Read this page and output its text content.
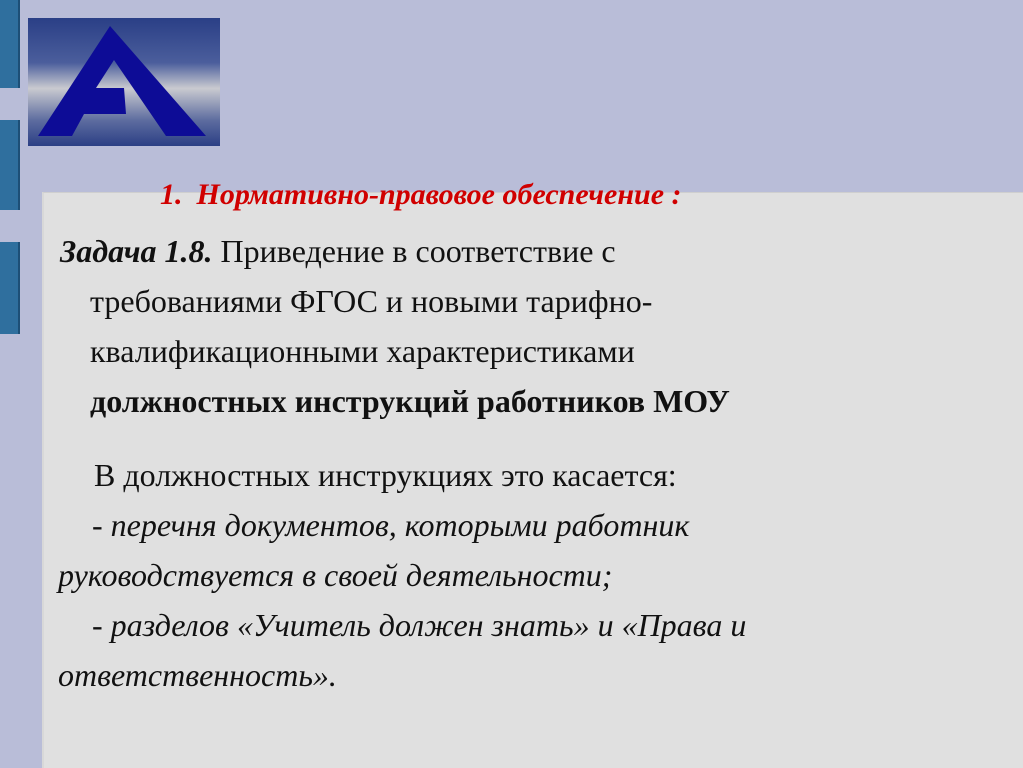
1. Нормативно-правовое обеспечение :
Задача 1.8. Приведение в соответствие с
требованиями ФГОС и новыми тарифно-
квалификационными характеристиками
должностных инструкций работников МОУ
В должностных инструкциях это касается:
- перечня документов, которыми работник
руководствуется в своей деятельности;
- разделов «Учитель должен знать» и «Права и
ответственность».
